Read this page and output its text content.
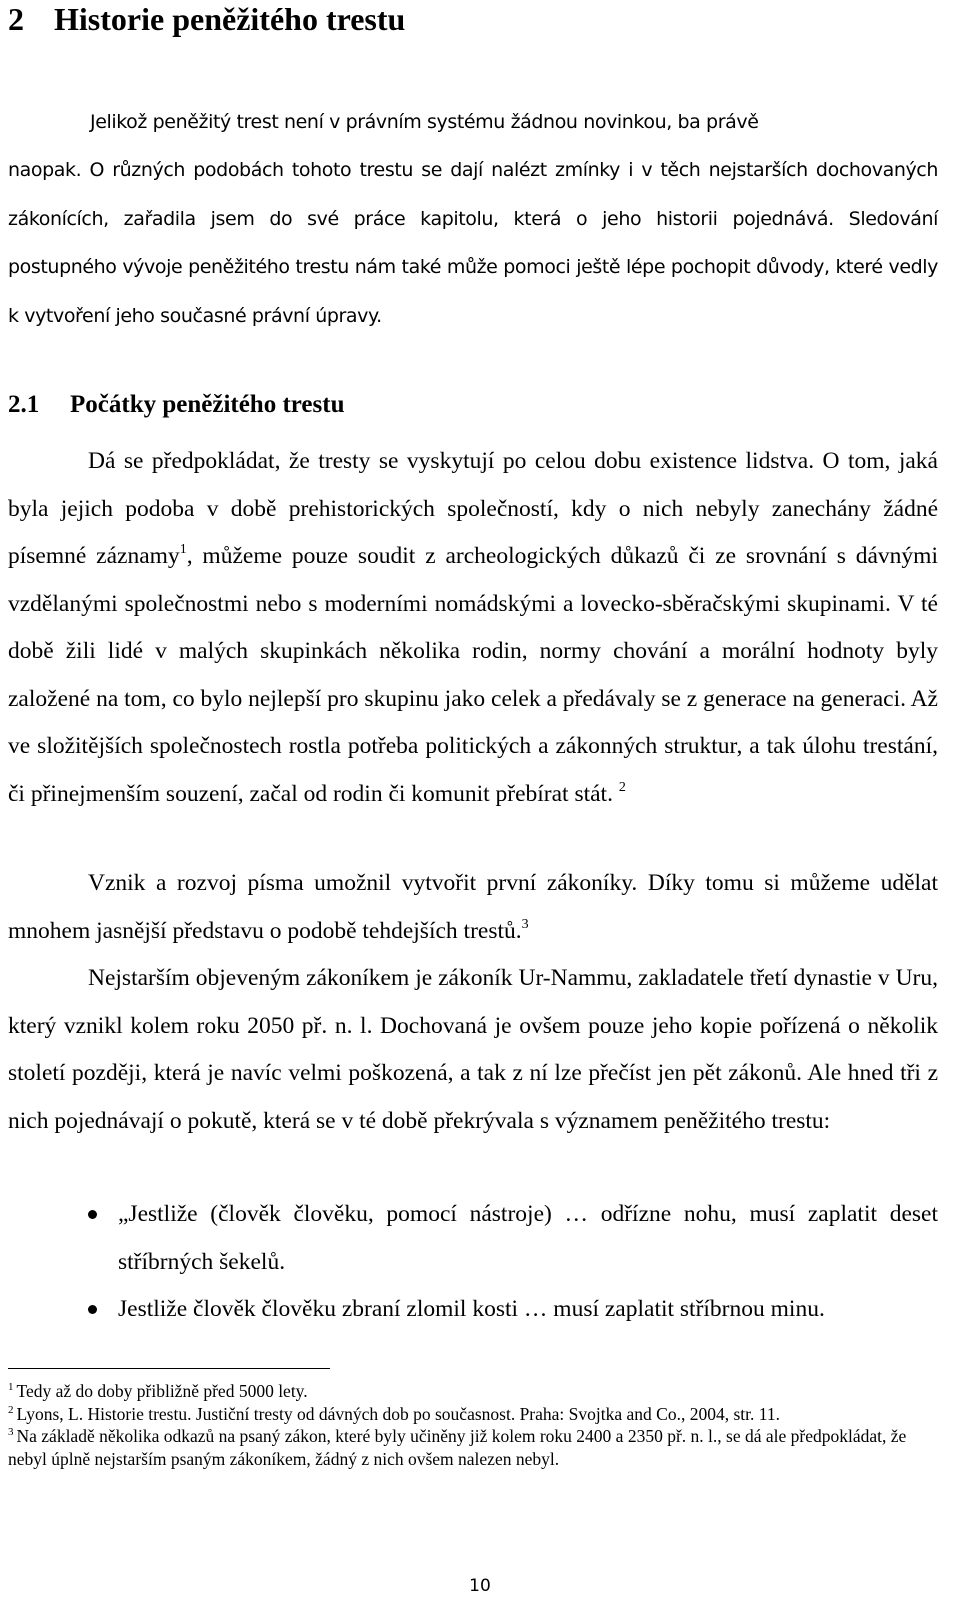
2 Historie peněžitého trestu

Jelikož peněžitý trest není v právním systému žádnou novinkou, ba právě
naopak. O různých podobách tohoto trestu se dají nalézt zmínky i v těch nejstarších dochovaných zákonících, zařadila jsem do své práce kapitolu, která o jeho historii pojednává. Sledování postupného vývoje peněžitého trestu nám také může pomoci ještě lépe pochopit důvody, které vedly k vytvoření jeho současné právní úpravy.

2.1 Počátky peněžitého trestu

Dá se předpokládat, že tresty se vyskytují po celou dobu existence lidstva. O tom, jaká byla jejich podoba v době prehistorických společností, kdy o nich nebyly zanechány žádné písemné záznamy$^1$, můžeme pouze soudit z archeologických důkazů či ze srovnání s dávnými vzdělanými společnostmi nebo s moderními nomádskými a lovecko-sběračskými skupinami. V té době žili lidé v malých skupinkách několika rodin, normy chování a morální hodnoty byly založené na tom, co bylo nejlepší pro skupinu jako celek a předávaly se z generace na generaci. Až ve složitějších společnostech rostla potřeba politických a zákonných struktur, a tak úlohu trestání, či přinejmenším souzení, začal od rodin či komunit přebírat stát. $^2$

Vznik a rozvoj písma umožnil vytvořit první zákoníky. Díky tomu si můžeme udělat mnohem jasnější představu o podobě tehdejších trestů.$^3$

Nejstarším objeveným zákoníkem je zákoník Ur-Nammu, zakladatele třetí dynastie v Uru, který vznikl kolem roku 2050 př. n. l. Dochovaná je ovšem pouze jeho kopie pořízená o několik století později, která je navíc velmi poškozená, a tak z ní lze přečíst jen pět zákonů. Ale hned tři z nich pojednávají o pokutě, která se v té době překrývala s významem peněžitého trestu:

„Jestliže (člověk člověku, pomocí nástroje) … odřízne nohu, musí zaplatit deset stříbrných šekelů.
Jestliže člověk člověku zbraní zlomil kosti … musí zaplatit stříbrnou minu.

$^1$ Tedy až do doby přibližně před 5000 lety.

$^2$ Lyons, L. Historie trestu. Justiční tresty od dávných dob po současnost. Praha: Svojtka and Co., 2004, str. 11.

$^3$ Na základě několika odkazů na psaný zákon, které byly učiněny již kolem roku 2400 a 2350 př. n. l., se dá ale předpokládat, že nebyl úplně nejstarším psaným zákoníkem, žádný z nich ovšem nalezen nebyl.

10
